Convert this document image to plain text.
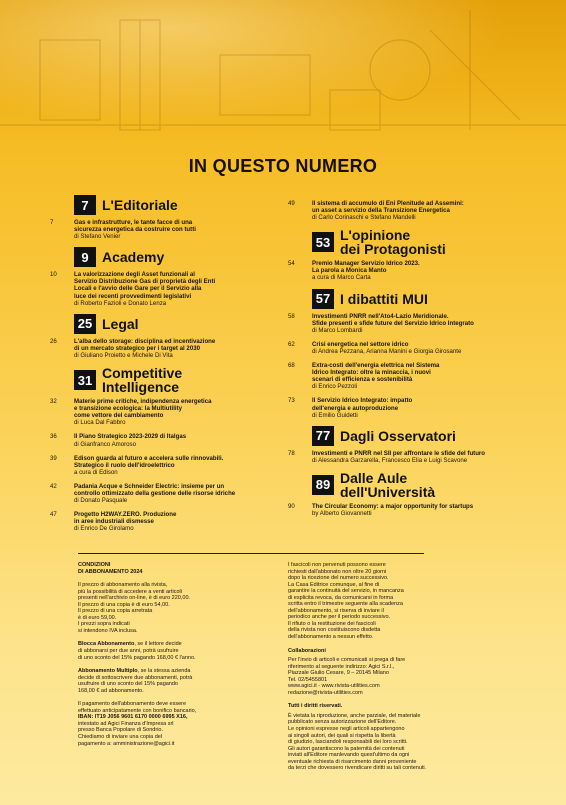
IN QUESTO NUMERO
7 L'Editoriale
7	Gas e infrastrutture, le tante facce di una
sicurezza energetica da costruire con tutti
di Stefano Venier
9 Academy
10	La valorizzazione degli Asset funzionali al
Servizio Distribuzione Gas di proprietà degli Enti
Locali e l'avvio delle Gare per il Servizio alla
luce dei recenti provvedimenti legislativi
di Roberto Fazioli e Donato Lenza
25 Legal
26	L'alba dello storage: disciplina ed incentivazione
di un mercato strategico per i target al 2030
di Giuliano Proietto e Michele Di Vita
31 Competitive
Intelligence
32	Materie prime critiche, indipendenza energetica
e transizione ecologica: la Multiutility
come vettore del cambiamento
di Luca Dal Fabbro
36	Il Piano Strategico 2023-2029 di Italgas
di Gianfranco Amoroso
39	Edison guarda al futuro e accelera sulle rinnovabili.
Strategico il ruolo dell'idroelettrico
a cura di Edison
42	Padania Acque e Schneider Electric: insieme per un
controllo ottimizzato della gestione delle risorse idriche
di Donato Pasquale
47	Progetto H2WAY.ZERO. Produzione
in aree industriali dismesse
di Enrico De Girolamo
49	Il sistema di accumulo di Eni Plenitude ad Assemini:
un asset a servizio della Transizione Energetica
di Carlo Corinaschi e Stefano Mandelli
53 L'opinione
dei Protagonisti
54	Premio Manager Servizio Idrico 2023.
La parola a Monica Manto
a cura di Marco Carta
57 I dibattiti MUI
58	Investimenti PNRR nell'Ato4-Lazio Meridionale.
Sfide presenti e sfide future del Servizio Idrico Integrato
di Marco Lombardi
62	Crisi energetica nel settore idrico
di Andrea Pezzana, Arianna Manini e Giorgia Girosante
68	Extra-costi dell'energia elettrica nel Sistema
Idrico Integrato: oltre la minaccia, i nuovi
scenari di efficienza e sostenibilità
di Enrico Pezzoli
73	Il Servizio Idrico Integrato: impatto
dell'energia e autoproduzione
di Emilio Guidetti
77 Dagli Osservatori
78	Investimenti e PNRR nel SII per affrontare le sfide del futuro
di Alessandra Garzarella, Francesco Elia e Luigi Scavone
89 Dalle Aule
dell'Università
90	The Circular Economy: a major opportunity for startups
by Alberto Giovannetti

CONDIZIONI
DI ABBONAMENTO 2024

Il prezzo di abbonamento alla rivista,
più la possibilità di accedere a venti articoli
presenti nell'archivio on-line, è di euro 220,00.
Il prezzo di una copia è di euro 54,00.
Il prezzo di una copia arretrata
è di euro 59,00.
I prezzi sopra indicati
si intendono IVA inclusa.

Blocca Abbonamento, se il lettore decide
di abbonarsi per due anni, potrà usufruire
di uno sconto del 15% pagando 168,00 € l'anno.

Abbonamento Multiplo, se la stessa azienda
decide di sottoscrivere due abbonamenti, potrà
usufruire di uno sconto del 15% pagando
168,00 € ad abbonamento.

Il pagamento dell'abbonamento deve essere
effettuato anticipatamente con bonifico bancario,
IBAN: IT19 J056 9601 6170 0000 6995 X16,
intestato ad Agici Finanza d'Impresa srl
presso Banca Popolare di Sondrio.
Chiediamo di inviare una copia del
pagamento a: amministrazione@agici.it

I fascicoli non pervenuti possono essere
richiesti dall'abbonato non oltre 20 giorni
dopo la ricezione del numero successivo.
La Casa Editrice comunque, al fine di
garantire la continuità del servizio, in mancanza
di esplicita revoca, da comunicarsi in forma
scritta entro il trimestre seguente alla scadenza
dell'abbonamento, si riserva di inviare il
periodico anche per il periodo successivo.
Il rifiuto o la restituzione dei fascicoli
della rivista non costituiscono disdetta
dell'abbonamento a nessun effetto.

Collaborazioni

Per l'invio di articoli e comunicati si prega di fare
riferimento al seguente indirizzo: Agici S.r.l.,
Piazzale Giulio Cesare, 9 – 20145 Milano
Tel. 02/5455801
www.agici.it - www.rivista-utilities.com
redazione@rivista-utilities.com

Tutti i diritti riservati.

È vietata la riproduzione, anche parziale, del materiale
pubblicato senza autorizzazione dell'Editore.
Le opinioni espresse negli articoli appartengono
ai singoli autori, dei quali si rispetta la libertà
di giudizio, lasciandoli responsabili dei loro scritti.
Gli autori garantiscono la paternità dei contenuti
inviati all'Editore manlevando quest'ultimo da ogni
eventuale richiesta di risarcimento danni proveniente
da terzi che dovessero rivendicare diritti su tali contenuti.
